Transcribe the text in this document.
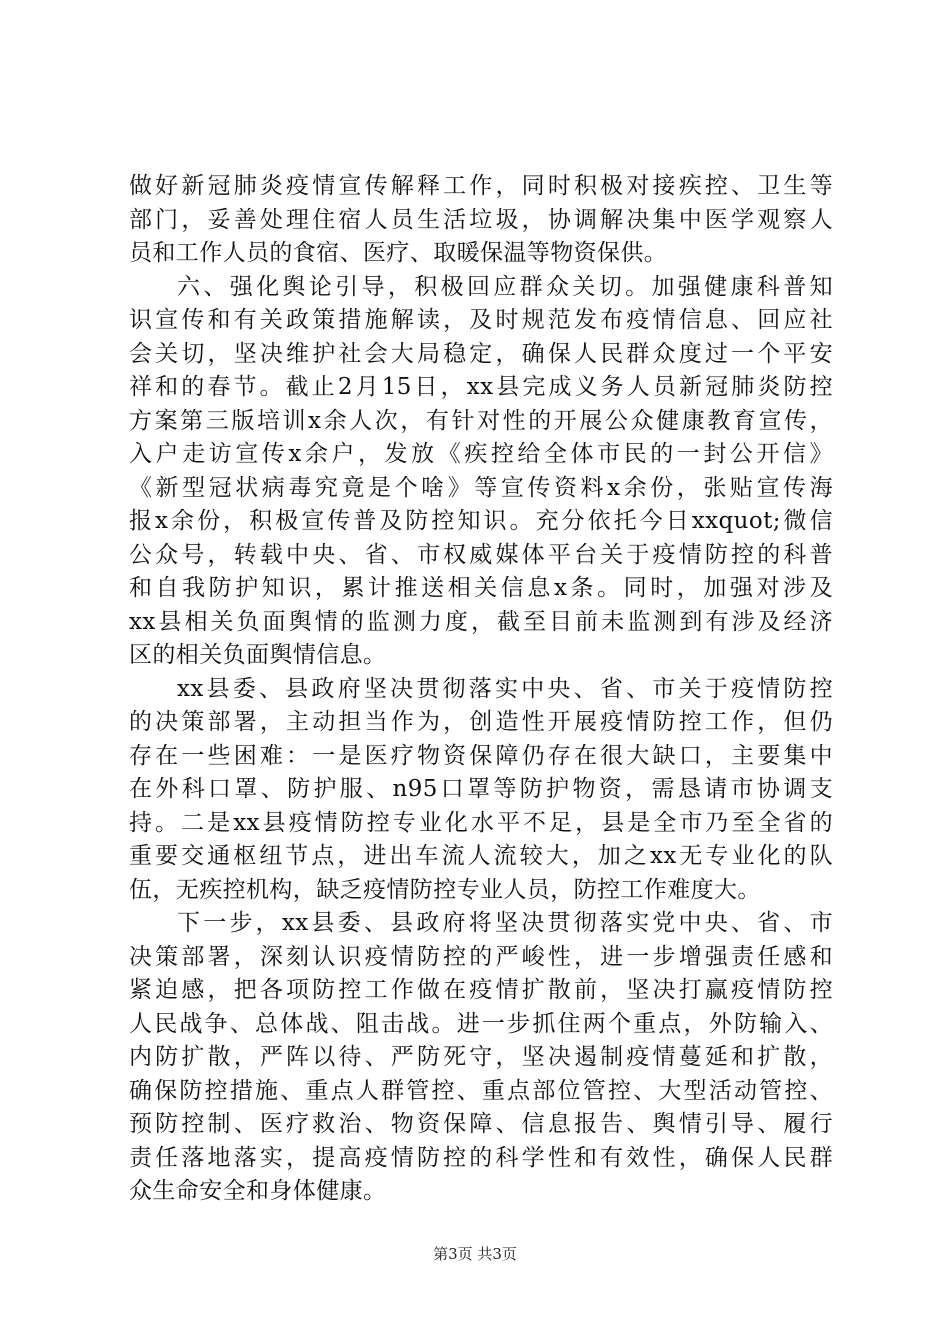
做好新冠肺炎疫情宣传解释工作，同时积极对接疾控、卫生等
部门，妥善处理住宿人员生活垃圾，协调解决集中医学观察人
员和工作人员的食宿、医疗、取暖保温等物资保供。
六、强化舆论引导，积极回应群众关切。加强健康科普知
识宣传和有关政策措施解读，及时规范发布疫情信息、回应社
会关切，坚决维护社会大局稳定，确保人民群众度过一个平安
祥和的春节。截止2月15日，xx县完成义务人员新冠肺炎防控
方案第三版培训x余人次，有针对性的开展公众健康教育宣传，
入户走访宣传x余户，发放《疾控给全体市民的一封公开信》
《新型冠状病毒究竟是个啥》等宣传资料x余份，张贴宣传海
报x余份，积极宣传普及防控知识。充分依托今日xxquot;微信
公众号，转载中央、省、市权威媒体平台关于疫情防控的科普
和自我防护知识，累计推送相关信息x条。同时，加强对涉及
xx县相关负面舆情的监测力度，截至目前未监测到有涉及经济
区的相关负面舆情信息。
xx县委、县政府坚决贯彻落实中央、省、市关于疫情防控
的决策部署，主动担当作为，创造性开展疫情防控工作，但仍
存在一些困难：一是医疗物资保障仍存在很大缺口，主要集中
在外科口罩、防护服、n95口罩等防护物资，需恳请市协调支
持。二是xx县疫情防控专业化水平不足，县是全市乃至全省的
重要交通枢纽节点，进出车流人流较大，加之xx无专业化的队
伍，无疾控机构，缺乏疫情防控专业人员，防控工作难度大。
下一步，xx县委、县政府将坚决贯彻落实党中央、省、市
决策部署，深刻认识疫情防控的严峻性，进一步增强责任感和
紧迫感，把各项防控工作做在疫情扩散前，坚决打赢疫情防控
人民战争、总体战、阻击战。进一步抓住两个重点，外防输入、
内防扩散，严阵以待、严防死守，坚决遏制疫情蔓延和扩散，
确保防控措施、重点人群管控、重点部位管控、大型活动管控、
预防控制、医疗救治、物资保障、信息报告、舆情引导、履行
责任落地落实，提高疫情防控的科学性和有效性，确保人民群
众生命安全和身体健康。
第3页 共3页
